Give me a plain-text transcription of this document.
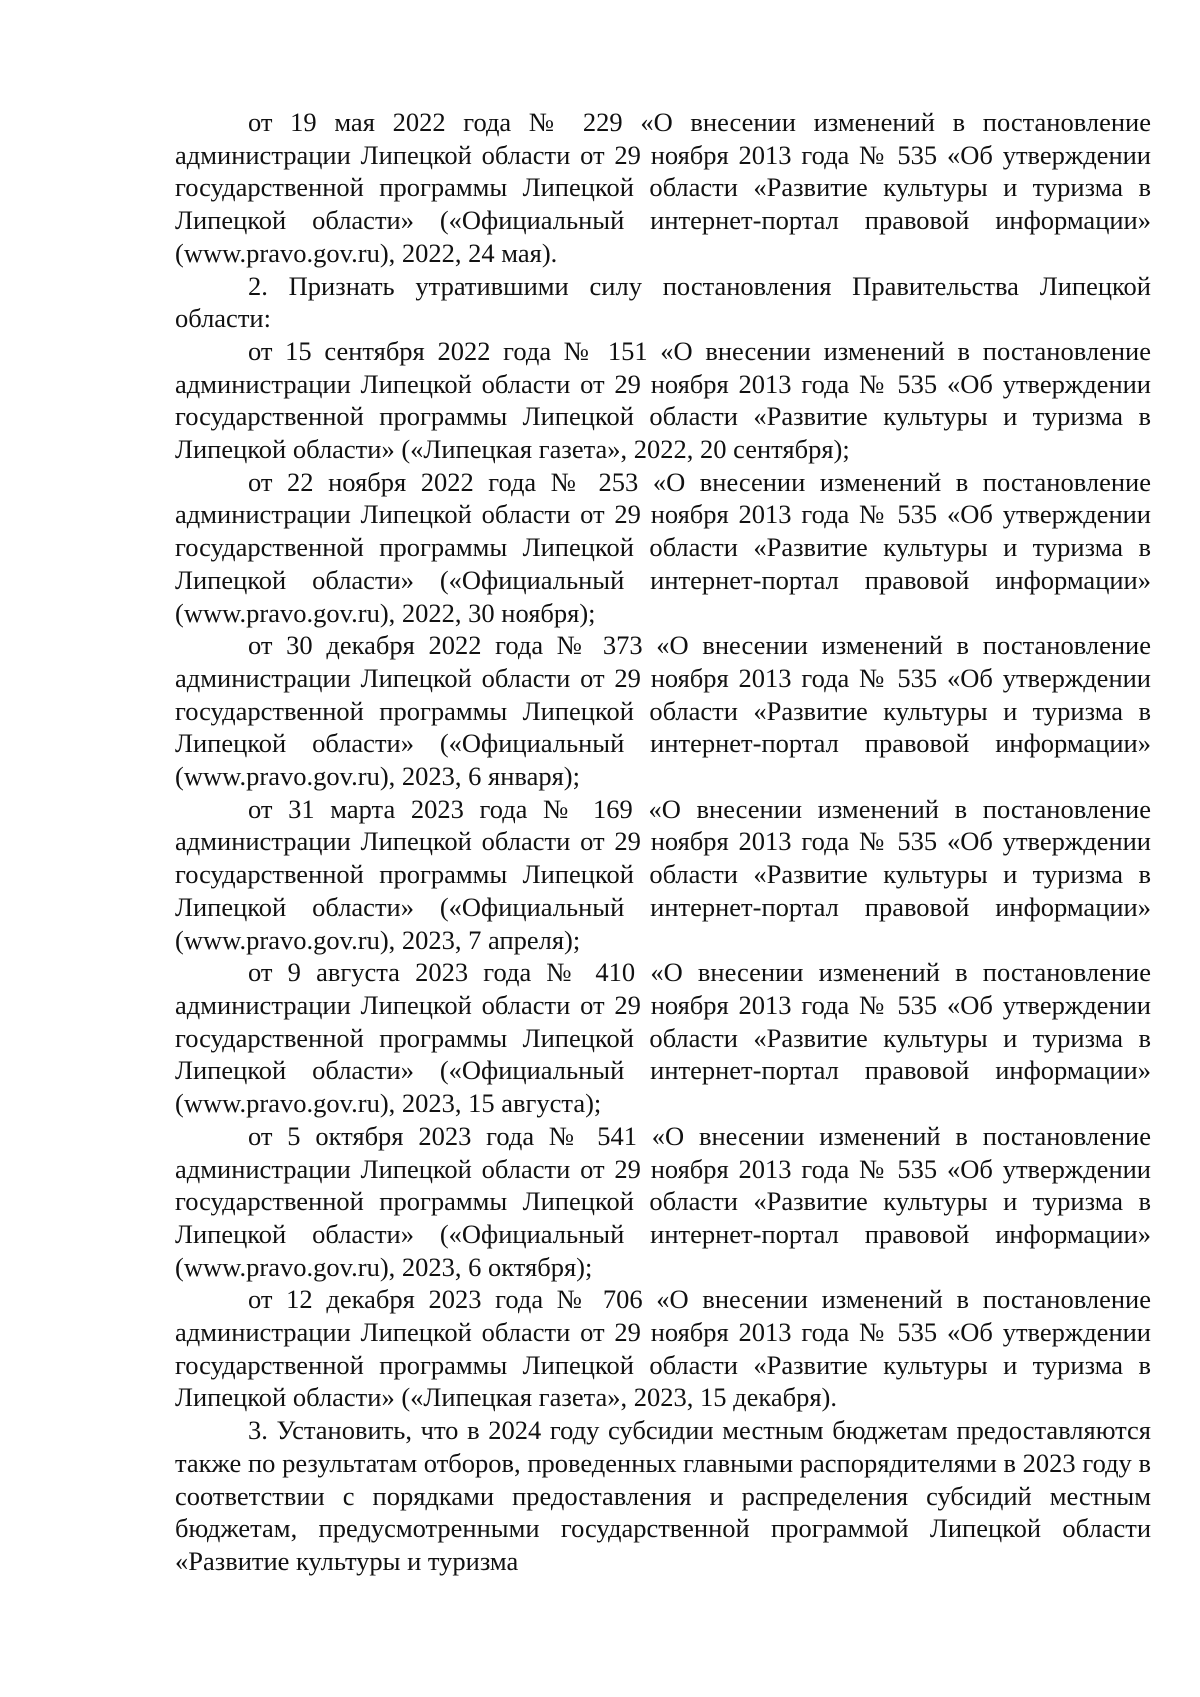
от 19 мая 2022 года № 229 «О внесении изменений в постановление администрации Липецкой области от 29 ноября 2013 года № 535 «Об утверждении государственной программы Липецкой области «Развитие культуры и туризма в Липецкой области» («Официальный интернет-портал правовой информации» (www.pravo.gov.ru), 2022, 24 мая).

2. Признать утратившими силу постановления Правительства Липецкой области:

от 15 сентября 2022 года № 151 «О внесении изменений в постановление администрации Липецкой области от 29 ноября 2013 года № 535 «Об утверждении государственной программы Липецкой области «Развитие культуры и туризма в Липецкой области» («Липецкая газета», 2022, 20 сентября);

от 22 ноября 2022 года № 253 «О внесении изменений в постановление администрации Липецкой области от 29 ноября 2013 года № 535 «Об утверждении государственной программы Липецкой области «Развитие культуры и туризма в Липецкой области» («Официальный интернет-портал правовой информации» (www.pravo.gov.ru), 2022, 30 ноября);

от 30 декабря 2022 года № 373 «О внесении изменений в постановление администрации Липецкой области от 29 ноября 2013 года № 535 «Об утверждении государственной программы Липецкой области «Развитие культуры и туризма в Липецкой области» («Официальный интернет-портал правовой информации» (www.pravo.gov.ru), 2023, 6 января);

от 31 марта 2023 года № 169 «О внесении изменений в постановление администрации Липецкой области от 29 ноября 2013 года № 535 «Об утверждении государственной программы Липецкой области «Развитие культуры и туризма в Липецкой области» («Официальный интернет-портал правовой информации» (www.pravo.gov.ru), 2023, 7 апреля);

от 9 августа 2023 года № 410 «О внесении изменений в постановление администрации Липецкой области от 29 ноября 2013 года № 535 «Об утверждении государственной программы Липецкой области «Развитие культуры и туризма в Липецкой области» («Официальный интернет-портал правовой информации» (www.pravo.gov.ru), 2023, 15 августа);

от 5 октября 2023 года № 541 «О внесении изменений в постановление администрации Липецкой области от 29 ноября 2013 года № 535 «Об утверждении государственной программы Липецкой области «Развитие культуры и туризма в Липецкой области» («Официальный интернет-портал правовой информации» (www.pravo.gov.ru), 2023, 6 октября);

от 12 декабря 2023 года № 706 «О внесении изменений в постановление администрации Липецкой области от 29 ноября 2013 года № 535 «Об утверждении государственной программы Липецкой области «Развитие культуры и туризма в Липецкой области» («Липецкая газета», 2023, 15 декабря).

3. Установить, что в 2024 году субсидии местным бюджетам предоставляются также по результатам отборов, проведенных главными распорядителями в 2023 году в соответствии с порядками предоставления и распределения субсидий местным бюджетам, предусмотренными государственной программой Липецкой области «Развитие культуры и туризма
